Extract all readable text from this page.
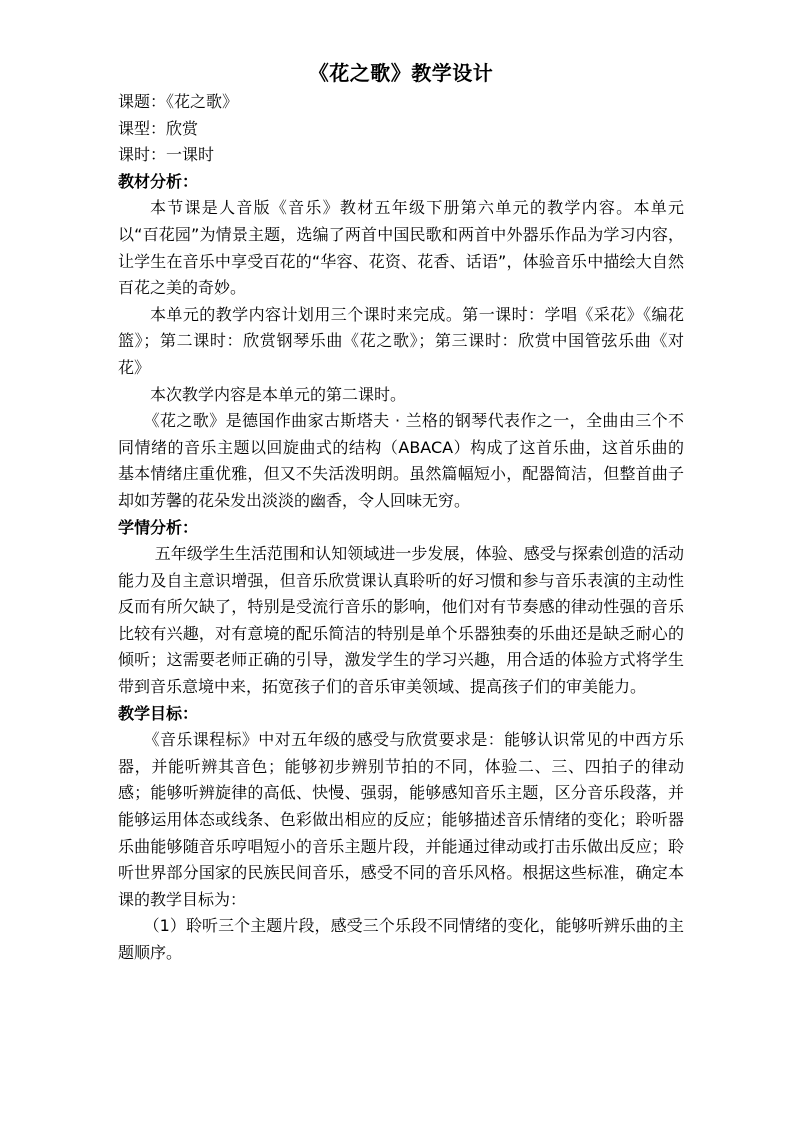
《花之歌》教学设计
课题：《花之歌》
课型：欣赏
课时：一课时
教材分析：

本节课是人音版《音乐》教材五年级下册第六单元的教学内容。本单元以“百花园”为情景主题，选编了两首中国民歌和两首中外器乐作品为学习内容，让学生在音乐中享受百花的“华容、花资、花香、话语”，体验音乐中描绘大自然百花之美的奇妙。

本单元的教学内容计划用三个课时来完成。第一课时：学唱《采花》《编花篮》；第二课时：欣赏钢琴乐曲《花之歌》；第三课时：欣赏中国管弦乐曲《对花》

本次教学内容是本单元的第二课时。

《花之歌》是德国作曲家古斯塔夫 · 兰格的钢琴代表作之一，全曲由三个不同情绪的音乐主题以回旋曲式的结构（ABACA）构成了这首乐曲，这首乐曲的基本情绪庄重优雅，但又不失活泼明朗。虽然篇幅短小，配器简洁，但整首曲子却如芳馨的花朵发出淡淡的幽香，令人回味无穷。

学情分析：

五年级学生生活范围和认知领域进一步发展，体验、感受与探索创造的活动能力及自主意识增强，但音乐欣赏课认真聆听的好习惯和参与音乐表演的主动性反而有所欠缺了，特别是受流行音乐的影响，他们对有节奏感的律动性强的音乐比较有兴趣，对有意境的配乐简洁的特别是单个乐器独奏的乐曲还是缺乏耐心的倾听；这需要老师正确的引导，激发学生的学习兴趣，用合适的体验方式将学生带到音乐意境中来，拓宽孩子们的音乐审美领域、提高孩子们的审美能力。

教学目标：

《音乐课程标》中对五年级的感受与欣赏要求是：能够认识常见的中西方乐器，并能听辨其音色；能够初步辨别节拍的不同，体验二、三、四拍子的律动感；能够听辨旋律的高低、快慢、强弱，能够感知音乐主题，区分音乐段落，并能够运用体态或线条、色彩做出相应的反应；能够描述音乐情绪的变化；聆听器乐曲能够随音乐哼唱短小的音乐主题片段，并能通过律动或打击乐做出反应；聆听世界部分国家的民族民间音乐，感受不同的音乐风格。根据这些标准，确定本课的教学目标为：

（1）聆听三个主题片段，感受三个乐段不同情绪的变化，能够听辨乐曲的主题顺序。
